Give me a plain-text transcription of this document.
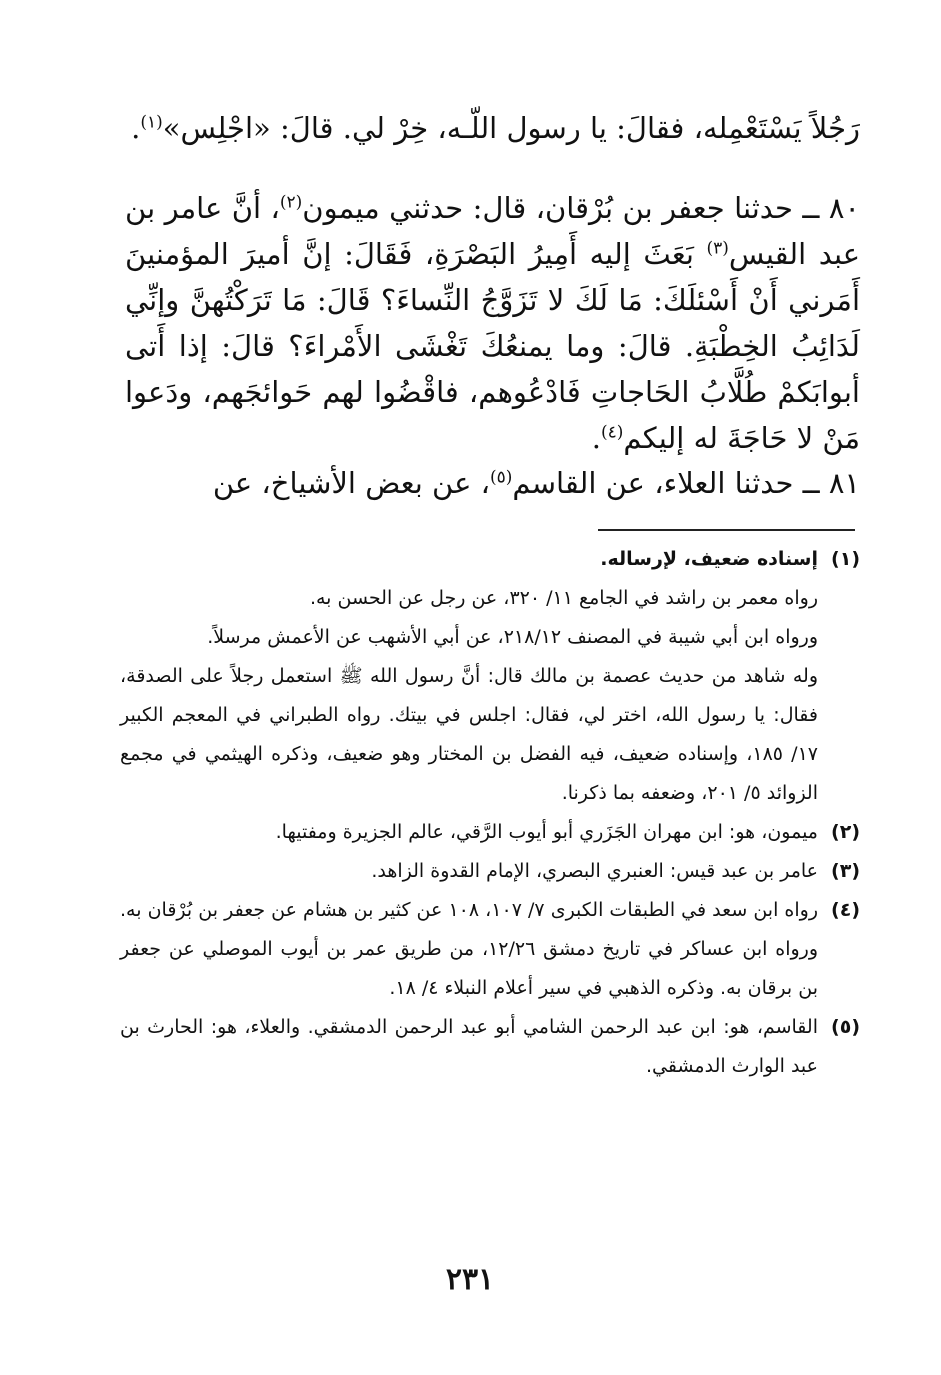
رَجُلاً يَسْتَعْمِله، فقالَ: يا رسول اللّـه، خِرْ لي. قالَ: «اجْلِس»$^{(١)}$.
٨٠ ــ حدثنا جعفر بن بُرْقان، قال: حدثني ميمون$^{(٢)}$، أنَّ عامر بن عبد القيس$^{(٣)}$ بَعَثَ إليه أَمِيرُ البَصْرَةِ، فَقَالَ: إنَّ أميرَ المؤمنينَ أَمَرني أَنْ أَسْئلَكَ: مَا لَكَ لا تَزَوَّجُ النِّساءَ؟ قَالَ: مَا تَرَكْتُهنَّ وإنِّي لَدَائِبُ الخِطْبَةِ. قالَ: وما يمنعُكَ تَغْشَى الأَمْراءَ؟ قالَ: إذا أَتى أبوابَكمْ طُلَّابُ الحَاجاتِ فَادْعُوهم، فاقْضُوا لهم حَوائجَهم، ودَعوا مَنْ لا حَاجَةَ له إليكم$^{(٤)}$.
٨١ ــ حدثنا العلاء، عن القاسم$^{(٥)}$، عن بعض الأشياخ، عن
(١)
إسناده ضعيف، لإرساله.
رواه معمر بن راشد في الجامع ١١/ ٣٢٠، عن رجل عن الحسن به.
ورواه ابن أبي شيبة في المصنف ٢١٨/١٢، عن أبي الأشهب عن الأعمش مرسلاً.
وله شاهد من حديث عصمة بن مالك قال: أنَّ رسول الله ﷺ استعمل رجلاً على الصدقة، فقال: يا رسول الله، اختر لي، فقال: اجلس في بيتك. رواه الطبراني في المعجم الكبير ١٧/ ١٨٥، وإسناده ضعيف، فيه الفضل بن المختار وهو ضعيف، وذكره الهيثمي في مجمع الزوائد ٥/ ٢٠١، وضعفه بما ذكرنا.
(٢)
ميمون، هو: ابن مهران الجَزَري أبو أيوب الرَّقي، عالم الجزيرة ومفتيها.
(٣)
عامر بن عبد قيس: العنبري البصري، الإمام القدوة الزاهد.
(٤)
رواه ابن سعد في الطبقات الكبرى ٧/ ١٠٧، ١٠٨ عن كثير بن هشام عن جعفر بن بُرْقان به. ورواه ابن عساكر في تاريخ دمشق ١٢/٢٦، من طريق عمر بن أيوب الموصلي عن جعفر بن برقان به. وذكره الذهبي في سير أعلام النبلاء ٤/ ١٨.
(٥)
القاسم، هو: ابن عبد الرحمن الشامي أبو عبد الرحمن الدمشقي. والعلاء، هو: الحارث بن عبد الوارث الدمشقي.
٢٣١
